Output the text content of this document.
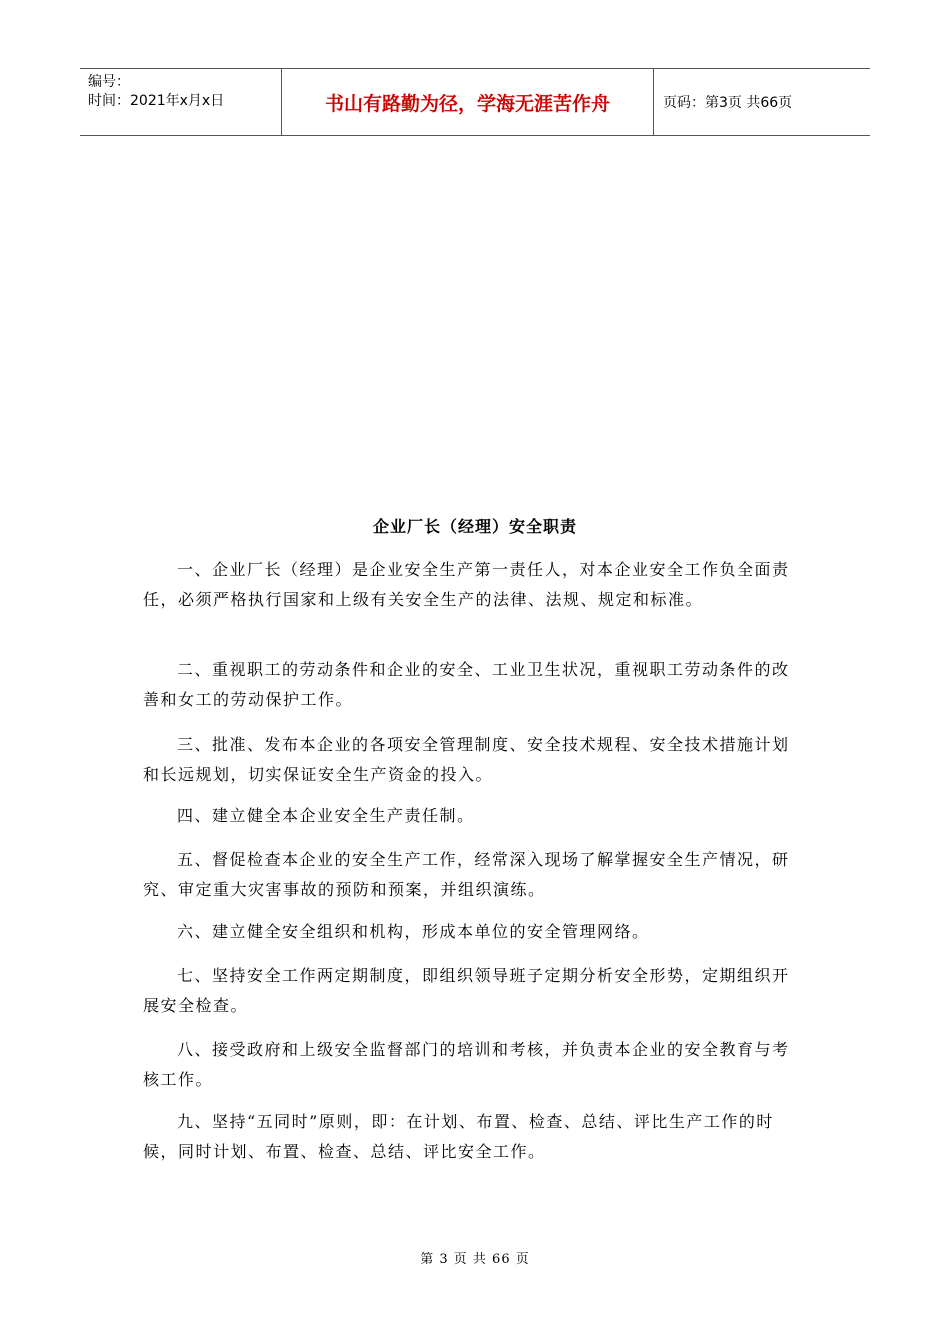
编号：
时间：2021年x月x日	书山有路勤为径，学海无涯苦作舟	页码：第3页 共66页
企业厂长（经理）安全职责

一、企业厂长（经理）是企业安全生产第一责任人，对本企业安全工作负全面责任，必须严格执行国家和上级有关安全生产的法律、法规、规定和标准。

二、重视职工的劳动条件和企业的安全、工业卫生状况，重视职工劳动条件的改善和女工的劳动保护工作。

三、批准、发布本企业的各项安全管理制度、安全技术规程、安全技术措施计划和长远规划，切实保证安全生产资金的投入。

四、建立健全本企业安全生产责任制。

五、督促检查本企业的安全生产工作，经常深入现场了解掌握安全生产情况，研究、审定重大灾害事故的预防和预案，并组织演练。

六、建立健全安全组织和机构，形成本单位的安全管理网络。

七、坚持安全工作两定期制度，即组织领导班子定期分析安全形势，定期组织开展安全检查。

八、接受政府和上级安全监督部门的培训和考核，并负责本企业的安全教育与考核工作。

九、坚持“五同时”原则，即：在计划、布置、检查、总结、评比生产工作的时候，同时计划、布置、检查、总结、评比安全工作。

第 3 页 共 66 页
